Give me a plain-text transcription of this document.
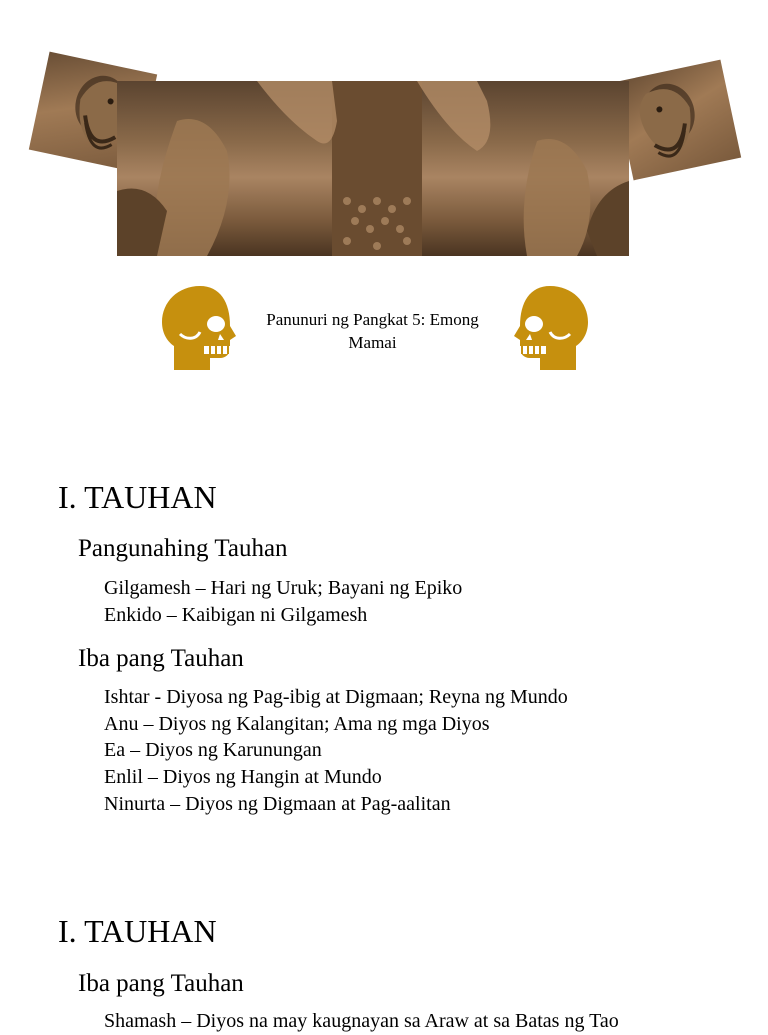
Panunuri ng Pangkat 5: Emong Mamai
I. TAUHAN
Pangunahing Tauhan
Gilgamesh – Hari ng Uruk; Bayani ng Epiko
Enkido – Kaibigan ni Gilgamesh
Iba pang Tauhan
Ishtar - Diyosa ng Pag-ibig at Digmaan; Reyna ng Mundo
Anu – Diyos ng Kalangitan; Ama ng mga Diyos
Ea – Diyos ng Karunungan
Enlil – Diyos ng Hangin at Mundo
Ninurta – Diyos ng Digmaan at Pag-aalitan
I. TAUHAN
Iba pang Tauhan
Shamash – Diyos na may kaugnayan sa Araw at sa Batas ng Tao
